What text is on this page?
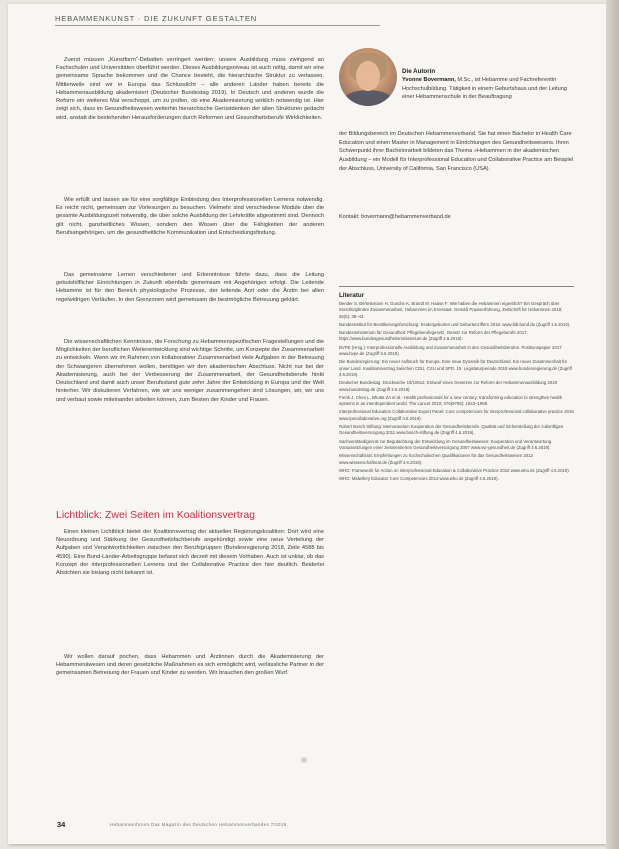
HEBAMMENKUNST · DIE ZUKUNFT GESTALTEN

Zuerst müssen „Kunstform“-Debatten verringert werden; unsere Ausbildung muss zwingend an Fachschulen und Universitäten überführt werden. Dieses Ausbildungsniveau ist auch nötig, damit wir eine gemeinsame Sprache bekommen und die Chance besteht, die hierarchische Struktur zu verlassen. Mittlerweile sind wir in Europa das Schlusslicht – alle anderen Länder haben bereits die Hebammenausbildung akademisiert (Deutscher Bundestag 2019). In Deutsch und anderen wurde die Reform ein weiteres Mal verschoppt, um zu prüfen, ob eine Akademisierung wirklich notwendig ist. Hier zeigt sich, dass im Gesundheitswesen weiterhin hierarchische Gerüstdenken der alten Strukturen gedacht wird, anstatt die bestehenden Herausforderungen durch Reformen und Gesundheitsberufe Wirklichkeiten.

Wie erfüllt und lassen sie für eine sorgfältige Einbindung des Interprofessionellen Lernens notwendig. Es reicht nicht, gemeinsam zur Vorlesungen zu besuchen. Vielmehr sind verschiedene Module über die gesamte Ausbildungszeit notwendig, die über solche Ausbildung der Lehrkräfte abgestimmt sind. Dennoch gilt nicht, ganzheitliches Wissen, sondern den Wissen über die Fähigkeiten der anderen Berufsangehörigen, um die gesundheitliche Kommunikation und Entscheidungsfindung.

Das gemeinsame Lernen verschiedener und Erkenntnisse führte dazu, dass die Leitung gebutshilflicher Einrichtungen in Zukunft ebenfalls gemeinsam mit Angehörigen erfolgt. Die Leitende Hebamme ist für den Bereich physiologische Prozesse, der leitende Arzt oder die Ärztin bei allen regelwidrigen Verläufen. In den Grenzonen wird gemeinsam die bestmögliche Betreuung geklärt.

Die wissenschaftlichen Kenntnisse, die Forschung zu Hebammenspezifischen Fragestellungen und die Möglichkeiten der beruflichen Weiterentwicklung sind wichtige Schritte, um Konzepte der Zusammenarbeit zu entwickeln. Wenn wir im Rahmen von kollaborativer Zusammenarbeit viele Aufgaben in der Betreuung der Schwangeren übernehmen wollen, benötigen wir den akademischen Abschluss. Nicht nur bei der Akademisierung, auch bei der Verbesserung der Zusammenarbeit, der Gesundheitsberufe hinkt Deutschland und damit auch unser Berufsstand gute zehn Jahre der Entwicklung in Europa und der Welt hinterher. Wir diskutieren Verfahren, wie wir uns weniger zusammengehen sind Lösungen, wir, wir uns und verbaut sowie miteinander arbeiten können, zum Besten der Kinder und Frauen.

Lichtblick: Zwei Seiten im Koalitionsvertrag

Einen kleinen Lichtblick bietet der Koalitionsvertrag der aktuellen Regierungskoalition: Dort wird eine Neuordnung und Stärkung der Gesundheitsfachberufe angekündigt sowie eine neue Verteilung der Aufgaben und Verantwortlichkeiten zwischen den Berufsgruppen (Bundesregierung 2018, Zeile 4588 bis 4590). Eine Bund-Länder-Arbeitsgruppe befasst sich derzeit mit diesem Vorhaben. Auch ist unklar, ob das Konzept der interprofessionellen Lernens und der Collaborative Practice den hier deutlich. Beiderlei Absichten sie bislang nicht bekannt ist.

Wir wollen darauf pochen, dass Hebammen und Ärztinnen durch die Akademisierung der Hebammenäwesen und deren gesetzliche Maßnahmen es sich ermöglicht wird, verlässliche Partner in der gemeinsamen Betreuung der Frauen und Kinder zu werden. Wir brauchen den großen Wurf.

Die Autorin
Yvonne Bovermann, M.Sc., ist Hebamme und Fachreferentin Hochschulbildung. Tätigkeit in einem Geburtshaus und der Leitung einer Hebammenschule in der Beauftragung
der Bildungsbereich im Deutschen Hebammenverband. Sie hat einen Bachelor in Health Care Education und einen Master in Management in Einrichtungen des Gesundheitswesens. Ihren Schwerpunkt ihrer Bachelorarbeit bildeten das Thema »Hebammen in der akademischen Ausbildung – ein Modell für Interprofessional Education und Collaborative Practice am Beispiel der Abschluss, University of California, San Francisco (USA).
Kontakt: bovermann@hebammenverband.de
Literatur
Bender S, Bertelsmann H, Gusche K, Brandt M, Haase F: Wie haben die Hebammen eigentlich? Ein Gespräch über interdisziplinäre Zusammenarbeit. Hebammen im Kreissaal. Gemäß Praxiserfahrung, Zeitschrift für Hebammen 2018; 26(5): 38–43.
Bundesinstitut für Bevölkerungsforschung: Kindergeburten und Geburtenziffern 2018. www.bib.bund.de (Zugriff 1.6.2019).
Bundesministerium für Gesundheit: Pflegeberufegesetz, Gesetz zur Reform der Pflegeberufe 2017. https://www.bundesgesundheitsministerium.de (Zugriff 4.6.2019).
BVPE (Hrsg.): Interprofessionelle Ausbildung und Zusammenarbeit in den Gesundheitsberufen. Positionspapier 2017 www.bvpe.de (Zugriff 6.6.2019).
Die Bundesregierung: Ein neuer Aufbruch für Europa. Eine neue Dynamik für Deutschland. Ein neuer Zusammenhalt für unser Land. Koalitionsvertrag zwischen CDU, CSU und SPD. 19. Legislaturperiode 2018 www.bundesregierung.de (Zugriff 4.6.2019).
Deutscher Bundestag: Drucksache 19/10612, Entwurf eines Gesetzes zur Reform der Hebammenausbildung 2019 www.bundestag.de (Zugriff 4.6.2019).
Frenk J, Chen L, Bhutta ZA et al.: Health professionals for a new century: transforming education to strengthen health systems in an interdependent world. The Lancet 2010; 376(9756): 1923–1958.
Interprofessional Education Collaborative Expert Panel: Core competencies for interprofessional collaborative practice 2016 www.ipecollaborative.org (Zugriff 4.6.2019).
Robert Bosch Stiftung: Memorandum Kooperation der Gesundheitsberufe. Qualität und Sicherstellung der zukünftigen Gesundheitsversorgung 2011 www.bosch-stiftung.de (Zugriff 4.6.2019).
Sachverständigenrat zur Begutachtung der Entwicklung im Gesundheitswesen: Kooperation und Verantwortung. Voraussetzungen einer zielorientierten Gesundheitsversorgung 2007 www.svr-gesundheit.de (Zugriff 4.6.2019).
Wissenschaftsrat: Empfehlungen zu hochschulischen Qualifikationen für das Gesundheitswesen 2012 www.wissenschaftsrat.de (Zugriff 4.6.2019).
WHO: Framework for Action on Interprofessional Education & Collaborative Practice 2010 www.who.int (Zugriff 4.6.2019).
WHO: Midwifery Educator Core Competencies 2013 www.who.int (Zugriff 4.6.2019).
34	Hebammenforum Das Magazin des Deutschen Hebammenverbandes 7/2019
